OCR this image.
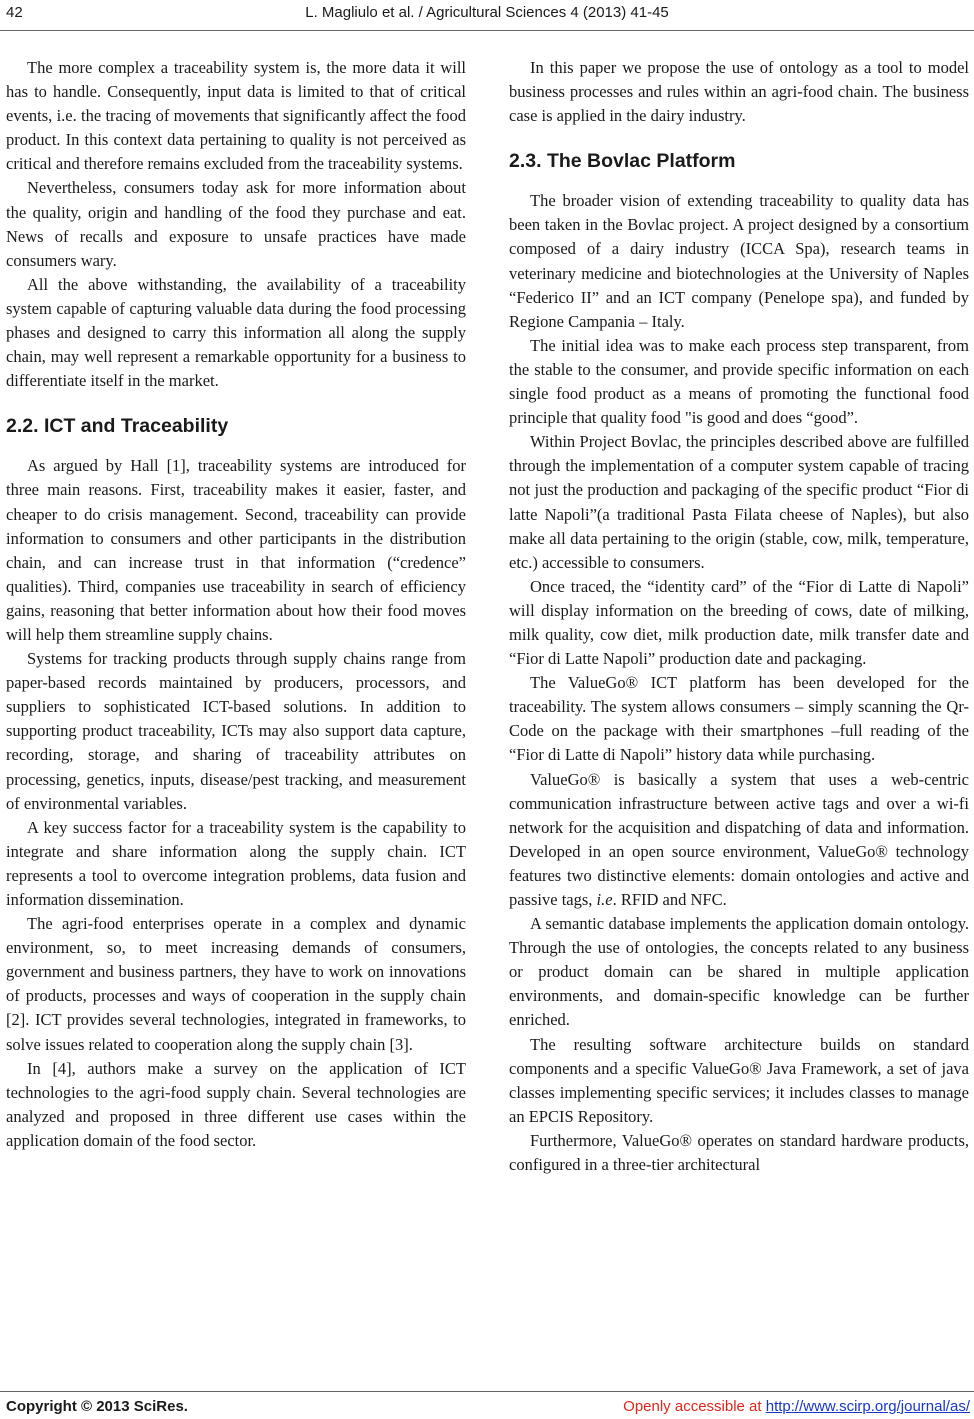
42	L. Magliulo et al. / Agricultural Sciences 4 (2013) 41-45

The more complex a traceability system is, the more data it will has to handle. Consequently, input data is limited to that of critical events, i.e. the tracing of movements that significantly affect the food product. In this context data pertaining to quality is not perceived as critical and therefore remains excluded from the traceability systems.

Nevertheless, consumers today ask for more information about the quality, origin and handling of the food they purchase and eat. News of recalls and exposure to unsafe practices have made consumers wary.

All the above withstanding, the availability of a traceability system capable of capturing valuable data during the food processing phases and designed to carry this information all along the supply chain, may well represent a remarkable opportunity for a business to differentiate itself in the market.

2.2. ICT and Traceability

As argued by Hall [1], traceability systems are introduced for three main reasons. First, traceability makes it easier, faster, and cheaper to do crisis management. Second, traceability can provide information to consumers and other participants in the distribution chain, and can increase trust in that information (“credence” qualities). Third, companies use traceability in search of efficiency gains, reasoning that better information about how their food moves will help them streamline supply chains.

Systems for tracking products through supply chains range from paper-based records maintained by producers, processors, and suppliers to sophisticated ICT-based solutions. In addition to supporting product traceability, ICTs may also support data capture, recording, storage, and sharing of traceability attributes on processing, genetics, inputs, disease/pest tracking, and measurement of environmental variables.

A key success factor for a traceability system is the capability to integrate and share information along the supply chain. ICT represents a tool to overcome integration problems, data fusion and information dissemination.

The agri-food enterprises operate in a complex and dynamic environment, so, to meet increasing demands of consumers, government and business partners, they have to work on innovations of products, processes and ways of cooperation in the supply chain [2]. ICT provides several technologies, integrated in frameworks, to solve issues related to cooperation along the supply chain [3].

In [4], authors make a survey on the application of ICT technologies to the agri-food supply chain. Several technologies are analyzed and proposed in three different use cases within the application domain of the food sector.

In this paper we propose the use of ontology as a tool to model business processes and rules within an agri-food chain. The business case is applied in the dairy industry.

2.3. The Bovlac Platform

The broader vision of extending traceability to quality data has been taken in the Bovlac project. A project designed by a consortium composed of a dairy industry (ICCA Spa), research teams in veterinary medicine and biotechnologies at the University of Naples “Federico II” and an ICT company (Penelope spa), and funded by Regione Campania – Italy.

The initial idea was to make each process step transparent, from the stable to the consumer, and provide specific information on each single food product as a means of promoting the functional food principle that quality food "is good and does “good”.

Within Project Bovlac, the principles described above are fulfilled through the implementation of a computer system capable of tracing not just the production and packaging of the specific product “Fior di latte Napoli”(a traditional Pasta Filata cheese of Naples), but also make all data pertaining to the origin (stable, cow, milk, temperature, etc.) accessible to consumers.

Once traced, the “identity card” of the “Fior di Latte di Napoli” will display information on the breeding of cows, date of milking, milk quality, cow diet, milk production date, milk transfer date and “Fior di Latte Napoli” production date and packaging.

The ValueGo® ICT platform has been developed for the traceability. The system allows consumers – simply scanning the Qr-Code on the package with their smartphones –full reading of the “Fior di Latte di Napoli” history data while purchasing.

ValueGo® is basically a system that uses a web-centric communication infrastructure between active tags and over a wi-fi network for the acquisition and dispatching of data and information. Developed in an open source environment, ValueGo® technology features two distinctive elements: domain ontologies and active and passive tags, i.e. RFID and NFC.

A semantic database implements the application domain ontology. Through the use of ontologies, the concepts related to any business or product domain can be shared in multiple application environments, and domain-specific knowledge can be further enriched.

The resulting software architecture builds on standard components and a specific ValueGo® Java Framework, a set of java classes implementing specific services; it includes classes to manage an EPCIS Repository.

Furthermore, ValueGo® operates on standard hardware products, configured in a three-tier architectural

Copyright © 2013 SciRes.	Openly accessible at http://www.scirp.org/journal/as/
